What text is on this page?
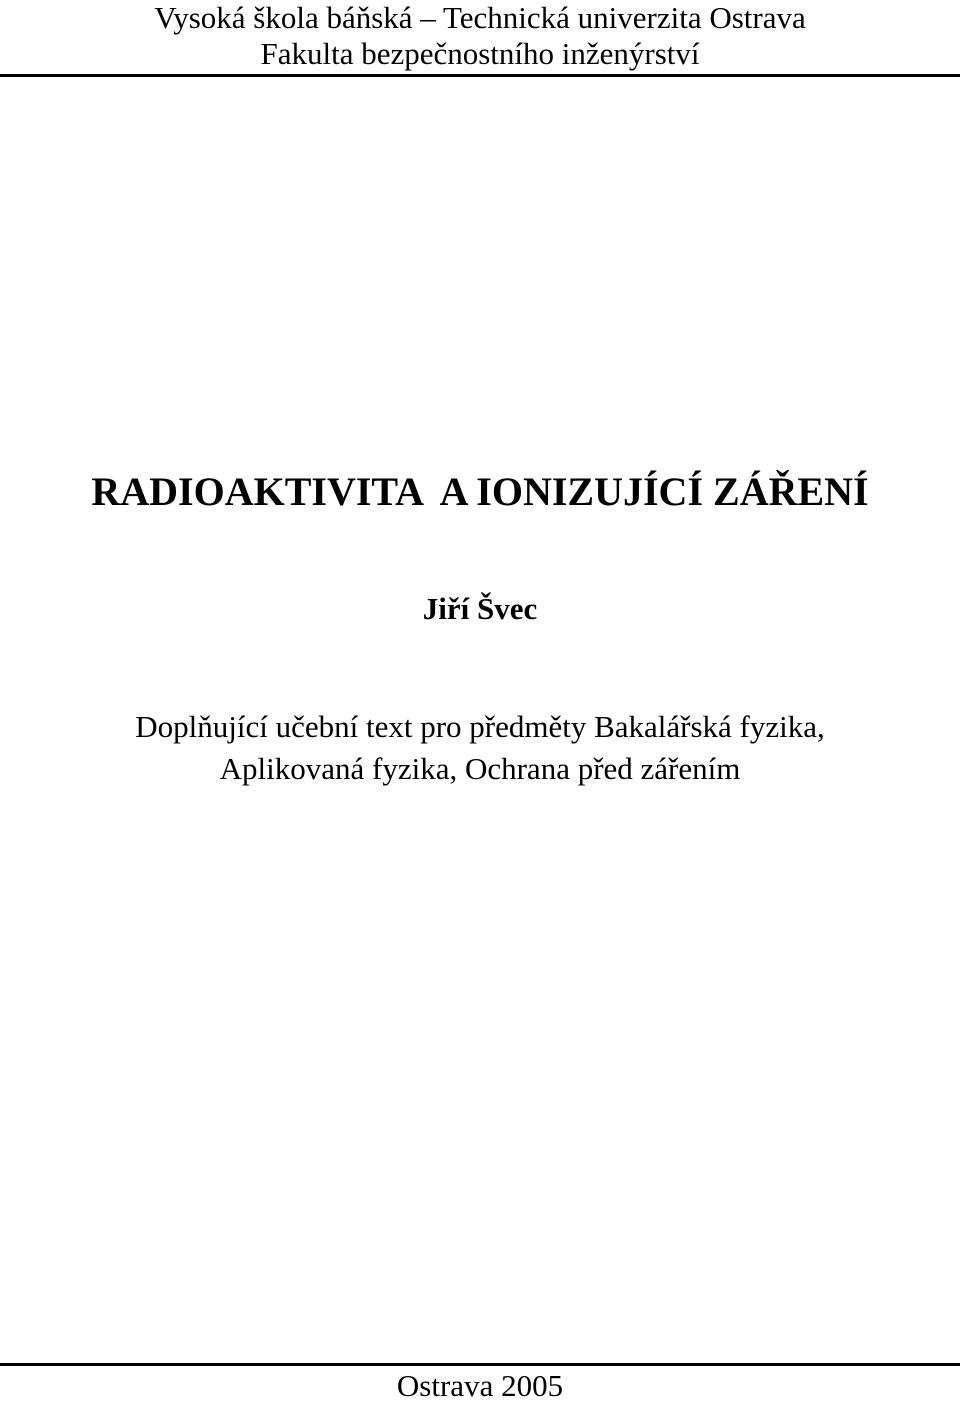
Vysoká škola báňská – Technická univerzita Ostrava
Fakulta bezpečnostního inženýrství
RADIOAKTIVITA  A IONIZUJÍCÍ ZÁŘENÍ
Jiří Švec
Doplňující učební text pro předměty Bakalářská fyzika,
Aplikovaná fyzika, Ochrana před zářením
Ostrava 2005
